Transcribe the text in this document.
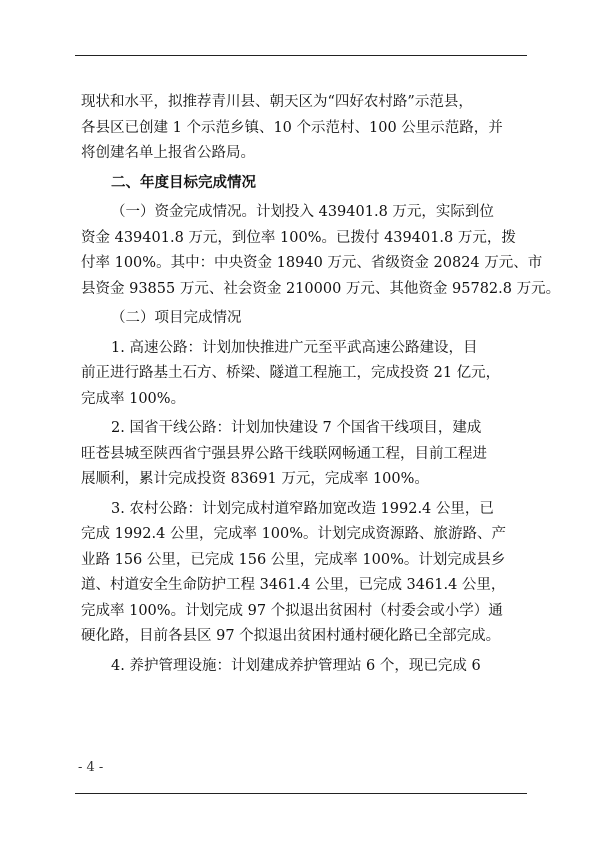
现状和水平，拟推荐青川县、朝天区为“四好农村路”示范县，
各县区已创建 1 个示范乡镇、10 个示范村、100 公里示范路，并
将创建名单上报省公路局。
二、年度目标完成情况
（一）资金完成情况。计划投入 439401.8 万元，实际到位
资金 439401.8 万元，到位率 100%。已拨付 439401.8 万元，拨
付率 100%。其中：中央资金 18940 万元、省级资金 20824 万元、市
县资金 93855 万元、社会资金 210000 万元、其他资金 95782.8 万元。
（二）项目完成情况
1. 高速公路：计划加快推进广元至平武高速公路建设，目
前正进行路基土石方、桥梁、隧道工程施工，完成投资 21 亿元，
完成率 100%。
2. 国省干线公路：计划加快建设 7 个国省干线项目，建成
旺苍县城至陕西省宁强县界公路干线联网畅通工程，目前工程进
展顺利，累计完成投资 83691 万元，完成率 100%。
3. 农村公路：计划完成村道窄路加宽改造 1992.4 公里，已
完成 1992.4 公里，完成率 100%。计划完成资源路、旅游路、产
业路 156 公里，已完成 156 公里，完成率 100%。计划完成县乡
道、村道安全生命防护工程 3461.4 公里，已完成 3461.4 公里，
完成率 100%。计划完成 97 个拟退出贫困村（村委会或小学）通
硬化路，目前各县区 97 个拟退出贫困村通村硬化路已全部完成。
4. 养护管理设施：计划建成养护管理站 6 个，现已完成 6
- 4 -
